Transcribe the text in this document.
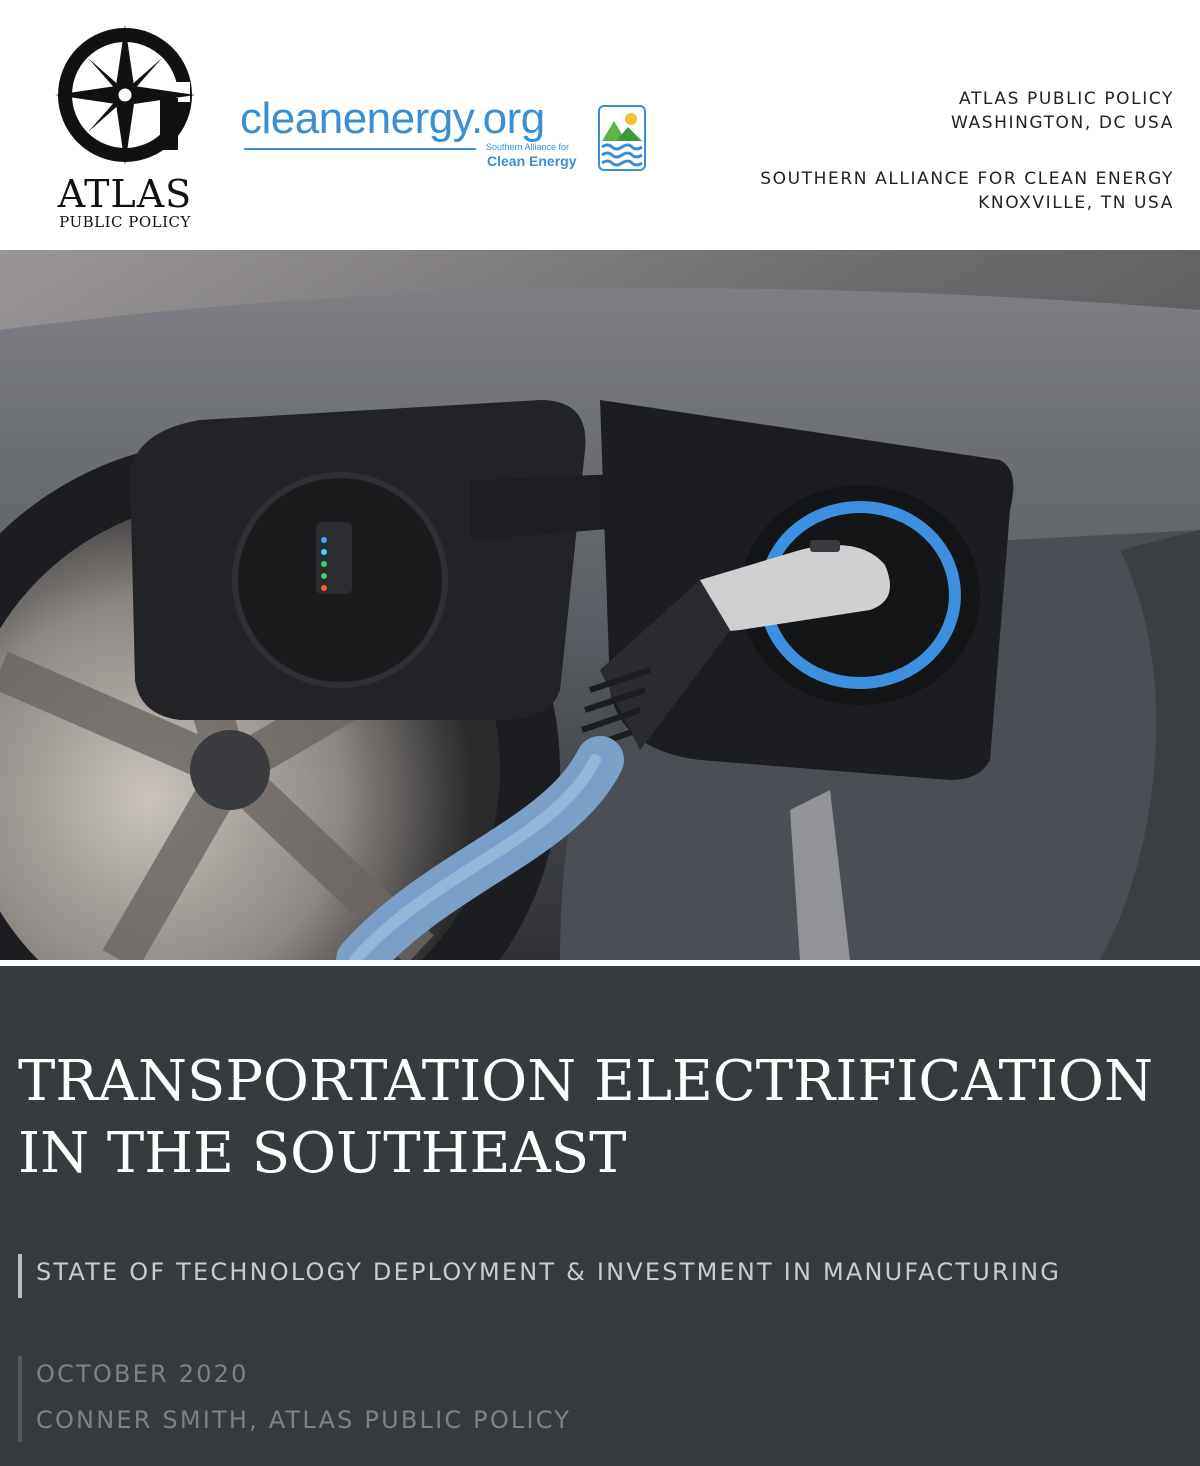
ATLAS
PUBLIC POLICY
cleanenergy.org
Southern Alliance for
Clean Energy
ATLAS PUBLIC POLICY
WASHINGTON, DC USA
SOUTHERN ALLIANCE FOR CLEAN ENERGY
KNOXVILLE, TN USA
TRANSPORTATION ELECTRIFICATION
IN THE SOUTHEAST
STATE OF TECHNOLOGY DEPLOYMENT & INVESTMENT IN MANUFACTURING
OCTOBER 2020
CONNER SMITH, ATLAS PUBLIC POLICY
